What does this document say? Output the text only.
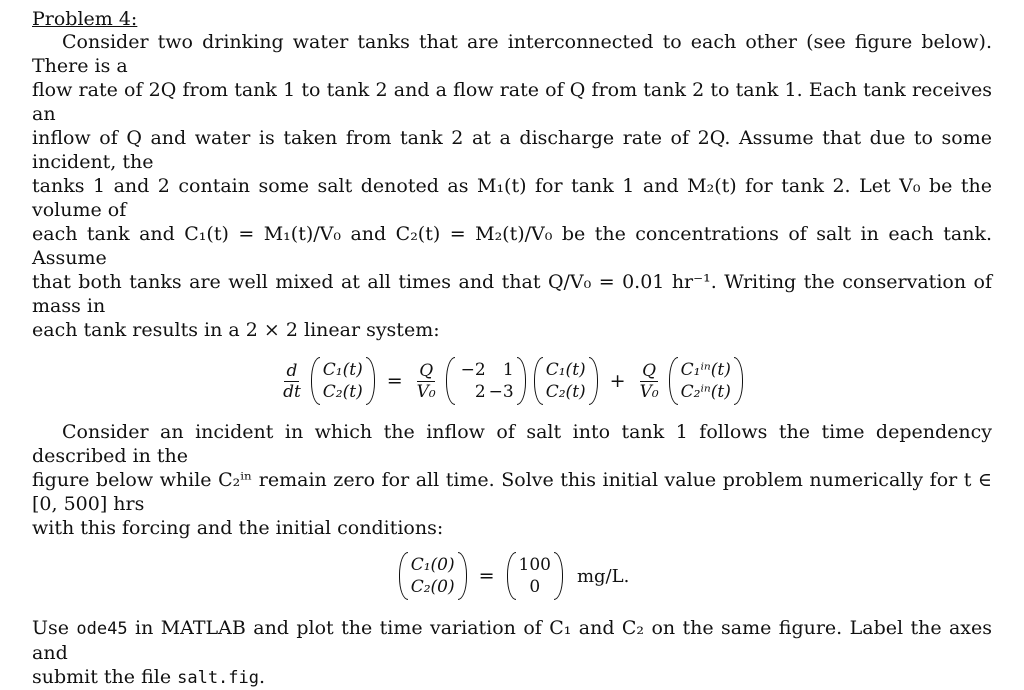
Problem 4:

Consider two drinking water tanks that are interconnected to each other (see figure below). There is a

flow rate of 2Q from tank 1 to tank 2 and a flow rate of Q from tank 2 to tank 1. Each tank receives an

inflow of Q and water is taken from tank 2 at a discharge rate of 2Q. Assume that due to some incident, the

tanks 1 and 2 contain some salt denoted as M₁(t) for tank 1 and M₂(t) for tank 2. Let V₀ be the volume of

each tank and C₁(t) = M₁(t)/V₀ and C₂(t) = M₂(t)/V₀ be the concentrations of salt in each tank. Assume

that both tanks are well mixed at all times and that Q/V₀ = 0.01 hr⁻¹. Writing the conservation of mass in

each tank results in a 2 × 2 linear system:

$\frac{d}{dt} C_1(t)$
$C_2(t) = \frac{Q}{\text{V₀}} -2$	1
2 −3
C₁(t)
$C_2(t) + \frac{Q}{\text{V₀}} C_1^{in}(t)$
C₂ⁱⁿ(t)

Consider an incident in which the inflow of salt into tank 1 follows the time dependency described in the

figure below while C₂ⁱⁿ remain zero for all time. Solve this initial value problem numerically for t ∈ [0, 500] hrs

with this forcing and the initial conditions:

C₁(0)
C₂(0) = 100
0
mg/L.

Use ode45 in MATLAB and plot the time variation of C₁ and C₂ on the same figure. Label the axes and

submit the file salt.fig.
